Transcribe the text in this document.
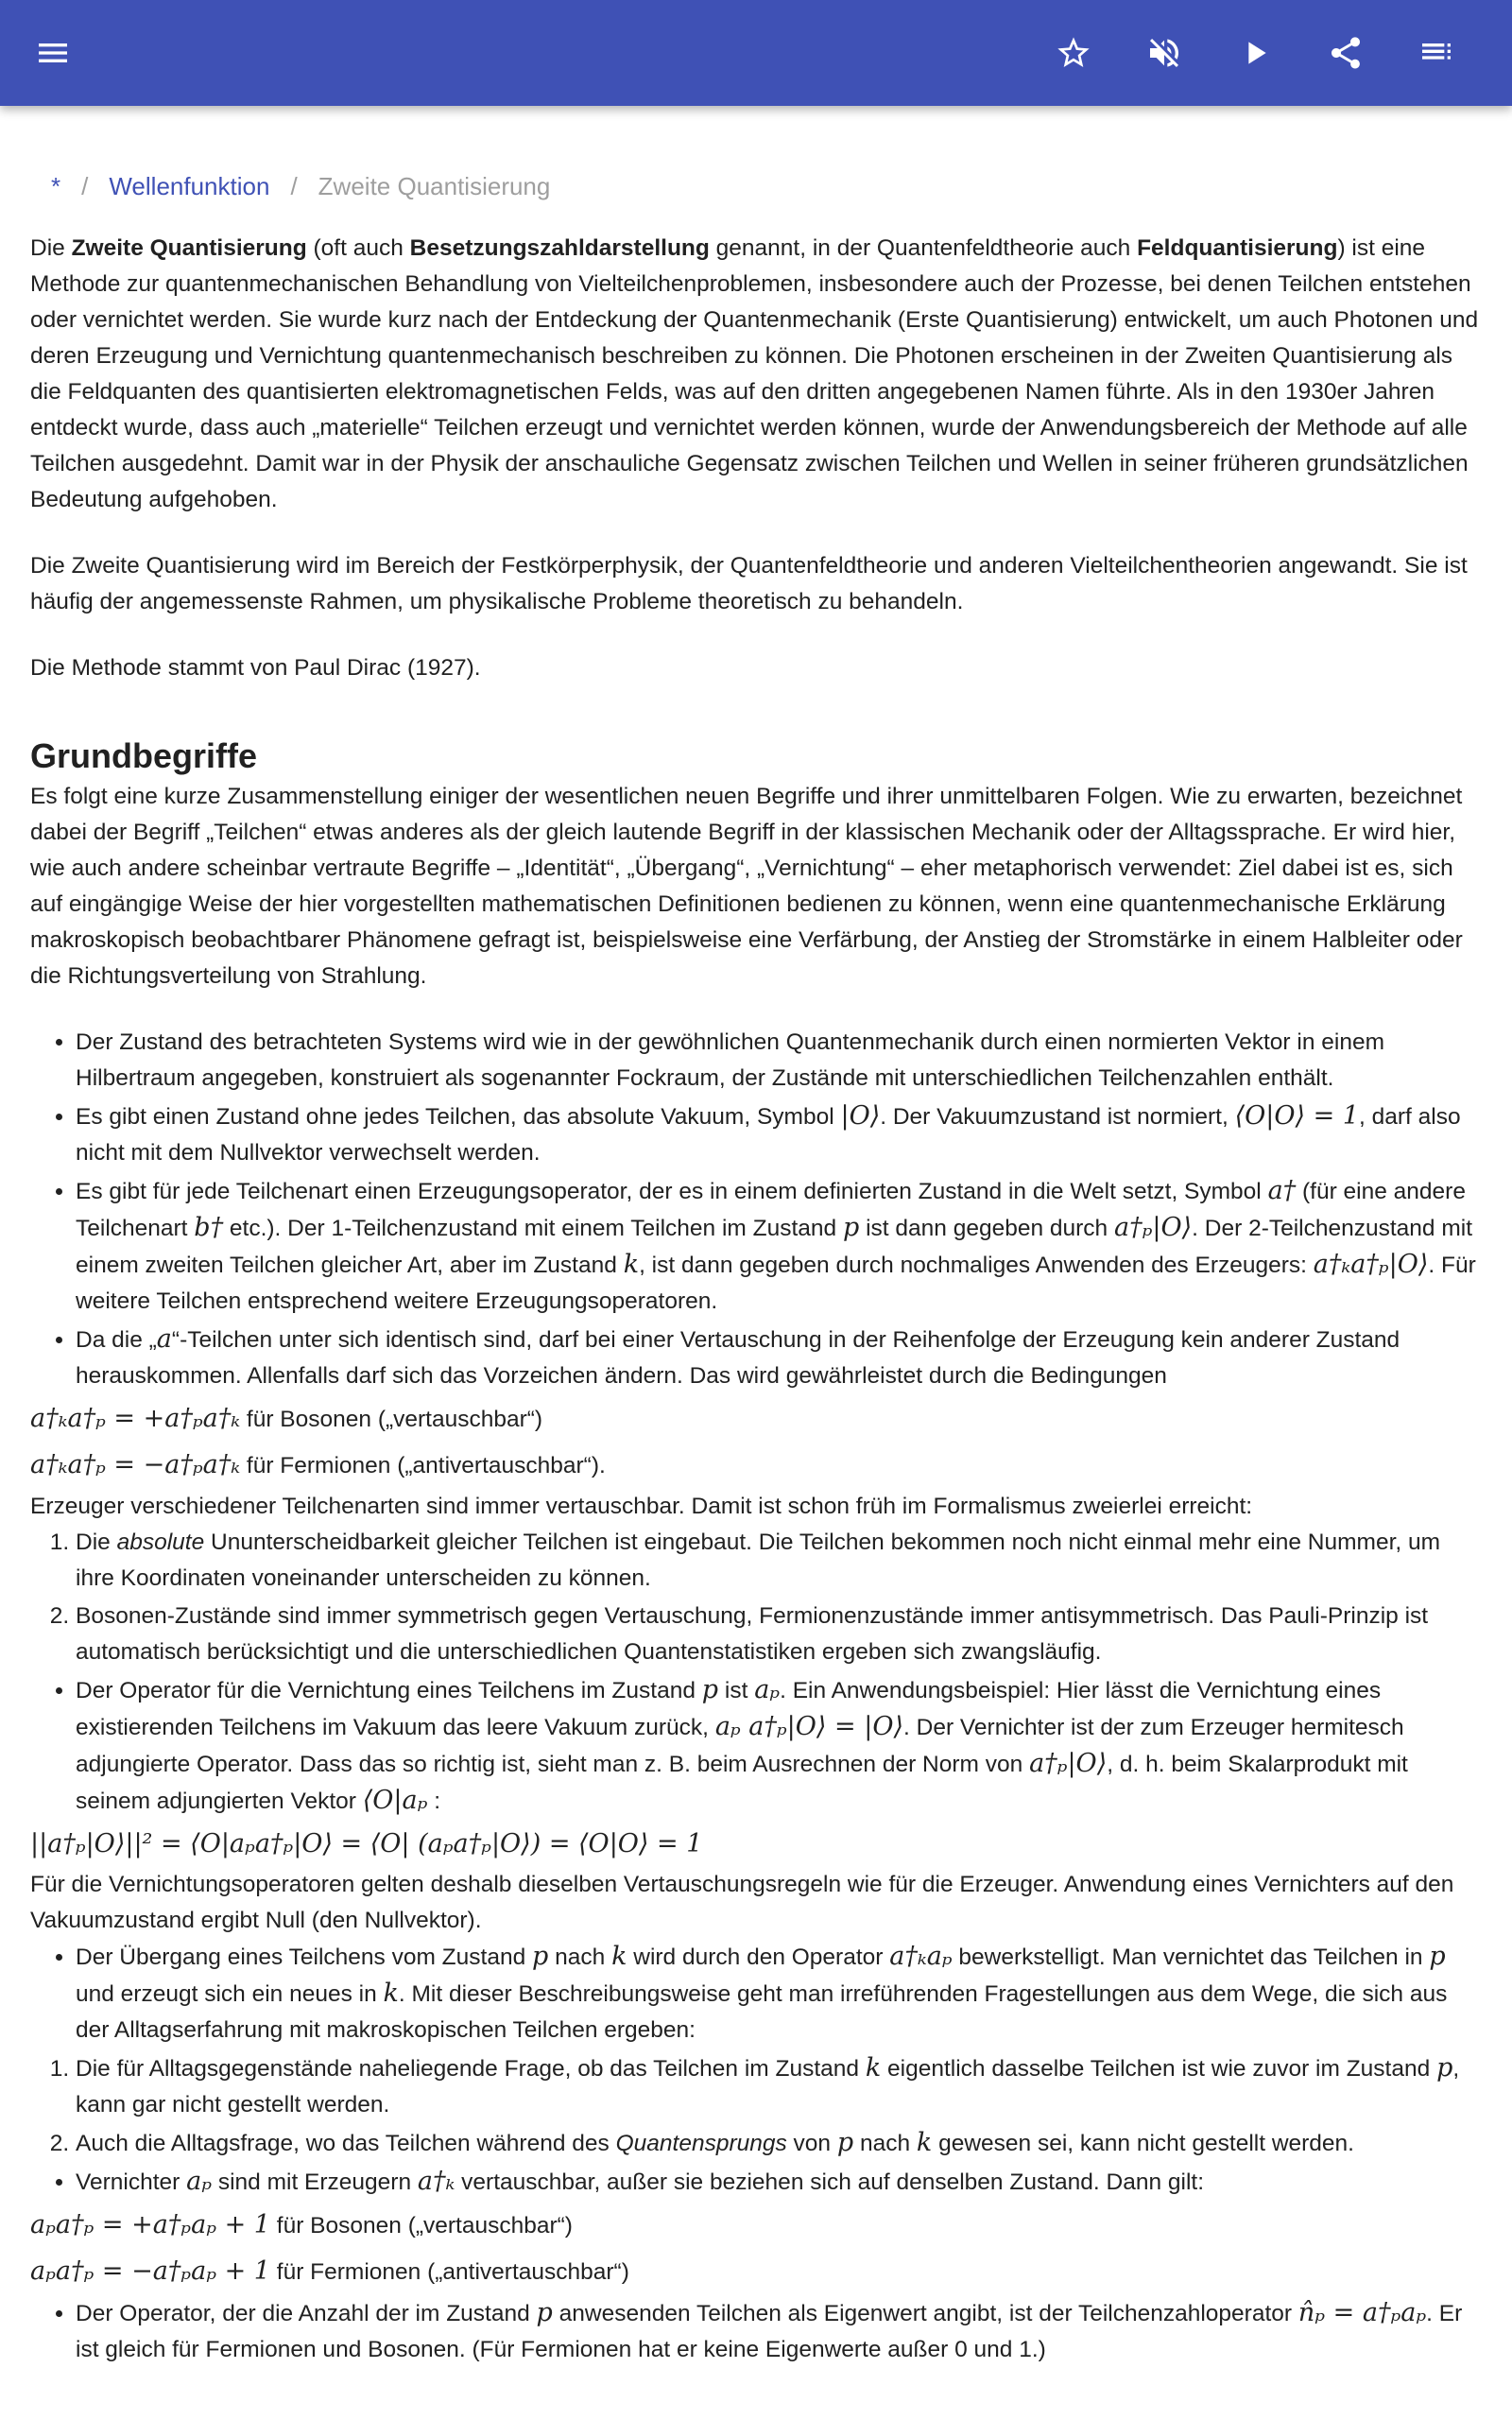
* / Wellenfunktion / Zweite Quantisierung

Die Zweite Quantisierung (oft auch Besetzungszahldarstellung genannt, in der Quantenfeldtheorie auch Feldquantisierung) ist eine Methode zur quantenmechanischen Behandlung von Vielteilchenproblemen, insbesondere auch der Prozesse, bei denen Teilchen entstehen oder vernichtet werden. Sie wurde kurz nach der Entdeckung der Quantenmechanik (Erste Quantisierung) entwickelt, um auch Photonen und deren Erzeugung und Vernichtung quantenmechanisch beschreiben zu können. Die Photonen erscheinen in der Zweiten Quantisierung als die Feldquanten des quantisierten elektromagnetischen Felds, was auf den dritten angegebenen Namen führte. Als in den 1930er Jahren entdeckt wurde, dass auch „materielle“ Teilchen erzeugt und vernichtet werden können, wurde der Anwendungsbereich der Methode auf alle Teilchen ausgedehnt. Damit war in der Physik der anschauliche Gegensatz zwischen Teilchen und Wellen in seiner früheren grundsätzlichen Bedeutung aufgehoben.

Die Zweite Quantisierung wird im Bereich der Festkörperphysik, der Quantenfeldtheorie und anderen Vielteilchentheorien angewandt. Sie ist häufig der angemessenste Rahmen, um physikalische Probleme theoretisch zu behandeln.

Die Methode stammt von Paul Dirac (1927).

Grundbegriffe

Es folgt eine kurze Zusammenstellung einiger der wesentlichen neuen Begriffe und ihrer unmittelbaren Folgen. Wie zu erwarten, bezeichnet dabei der Begriff „Teilchen“ etwas anderes als der gleich lautende Begriff in der klassischen Mechanik oder der Alltagssprache. Er wird hier, wie auch andere scheinbar vertraute Begriffe – „Identität“, „Übergang“, „Vernichtung“ – eher metaphorisch verwendet: Ziel dabei ist es, sich auf eingängige Weise der hier vorgestellten mathematischen Definitionen bedienen zu können, wenn eine quantenmechanische Erklärung makroskopisch beobachtbarer Phänomene gefragt ist, beispielsweise eine Verfärbung, der Anstieg der Stromstärke in einem Halbleiter oder die Richtungsverteilung von Strahlung.

• Der Zustand des betrachteten Systems wird wie in der gewöhnlichen Quantenmechanik durch einen normierten Vektor in einem Hilbertraum angegeben, konstruiert als sogenannter Fockraum, der Zustände mit unterschiedlichen Teilchenzahlen enthält.
• Es gibt einen Zustand ohne jedes Teilchen, das absolute Vakuum, Symbol |O⟩. Der Vakuumzustand ist normiert, ⟨O|O⟩ = 1, darf also nicht mit dem Nullvektor verwechselt werden.
• Es gibt für jede Teilchenart einen Erzeugungsoperator, der es in einem definierten Zustand in die Welt setzt, Symbol a† (für eine andere Teilchenart b† etc.). Der 1-Teilchenzustand mit einem Teilchen im Zustand p ist dann gegeben durch a†ₚ|O⟩. Der 2-Teilchenzustand mit einem zweiten Teilchen gleicher Art, aber im Zustand k, ist dann gegeben durch nochmaliges Anwenden des Erzeugers: a†ₖa†ₚ|O⟩. Für weitere Teilchen entsprechend weitere Erzeugungsoperatoren.
• Da die „a“-Teilchen unter sich identisch sind, darf bei einer Vertauschung in der Reihenfolge der Erzeugung kein anderer Zustand herauskommen. Allenfalls darf sich das Vorzeichen ändern. Das wird gewährleistet durch die Bedingungen
a†ₖa†ₚ = +a†ₚa†ₖ für Bosonen („vertauschbar“)
a†ₖa†ₚ = −a†ₚa†ₖ für Fermionen („antivertauschbar“).
Erzeuger verschiedener Teilchenarten sind immer vertauschbar. Damit ist schon früh im Formalismus zweierlei erreicht:
1. Die absolute Ununterscheidbarkeit gleicher Teilchen ist eingebaut. Die Teilchen bekommen noch nicht einmal mehr eine Nummer, um ihre Koordinaten voneinander unterscheiden zu können.
2. Bosonen-Zustände sind immer symmetrisch gegen Vertauschung, Fermionenzustände immer antisymmetrisch. Das Pauli-Prinzip ist automatisch berücksichtigt und die unterschiedlichen Quantenstatistiken ergeben sich zwangsläufig.
• Der Operator für die Vernichtung eines Teilchens im Zustand p ist aₚ. Ein Anwendungsbeispiel: Hier lässt die Vernichtung eines existierenden Teilchens im Vakuum das leere Vakuum zurück, aₚ a†ₚ|O⟩ = |O⟩. Der Vernichter ist der zum Erzeuger hermitesch adjungierte Operator. Dass das so richtig ist, sieht man z. B. beim Ausrechnen der Norm von a†ₚ|O⟩, d. h. beim Skalarprodukt mit seinem adjungierten Vektor ⟨O|aₚ :
||a†ₚ|O⟩||² = ⟨O|aₚa†ₚ|O⟩ = ⟨O| (aₚa†ₚ|O⟩) = ⟨O|O⟩ = 1
Für die Vernichtungsoperatoren gelten deshalb dieselben Vertauschungsregeln wie für die Erzeuger. Anwendung eines Vernichters auf den Vakuumzustand ergibt Null (den Nullvektor).
• Der Übergang eines Teilchens vom Zustand p nach k wird durch den Operator a†ₖaₚ bewerkstelligt. Man vernichtet das Teilchen in p und erzeugt sich ein neues in k. Mit dieser Beschreibungsweise geht man irreführenden Fragestellungen aus dem Wege, die sich aus der Alltagserfahrung mit makroskopischen Teilchen ergeben:
1. Die für Alltagsgegenstände naheliegende Frage, ob das Teilchen im Zustand k eigentlich dasselbe Teilchen ist wie zuvor im Zustand p, kann gar nicht gestellt werden.
2. Auch die Alltagsfrage, wo das Teilchen während des Quantensprungs von p nach k gewesen sei, kann nicht gestellt werden.
• Vernichter aₚ sind mit Erzeugern a†ₖ vertauschbar, außer sie beziehen sich auf denselben Zustand. Dann gilt:
aₚa†ₚ = +a†ₚaₚ + 1 für Bosonen („vertauschbar“)
aₚa†ₚ = −a†ₚaₚ + 1 für Fermionen („antivertauschbar“)
• Der Operator, der die Anzahl der im Zustand p anwesenden Teilchen als Eigenwert angibt, ist der Teilchenzahloperator n̂ₚ = a†ₚaₚ. Er ist gleich für Fermionen und Bosonen. (Für Fermionen hat er keine Eigenwerte außer 0 und 1.)
